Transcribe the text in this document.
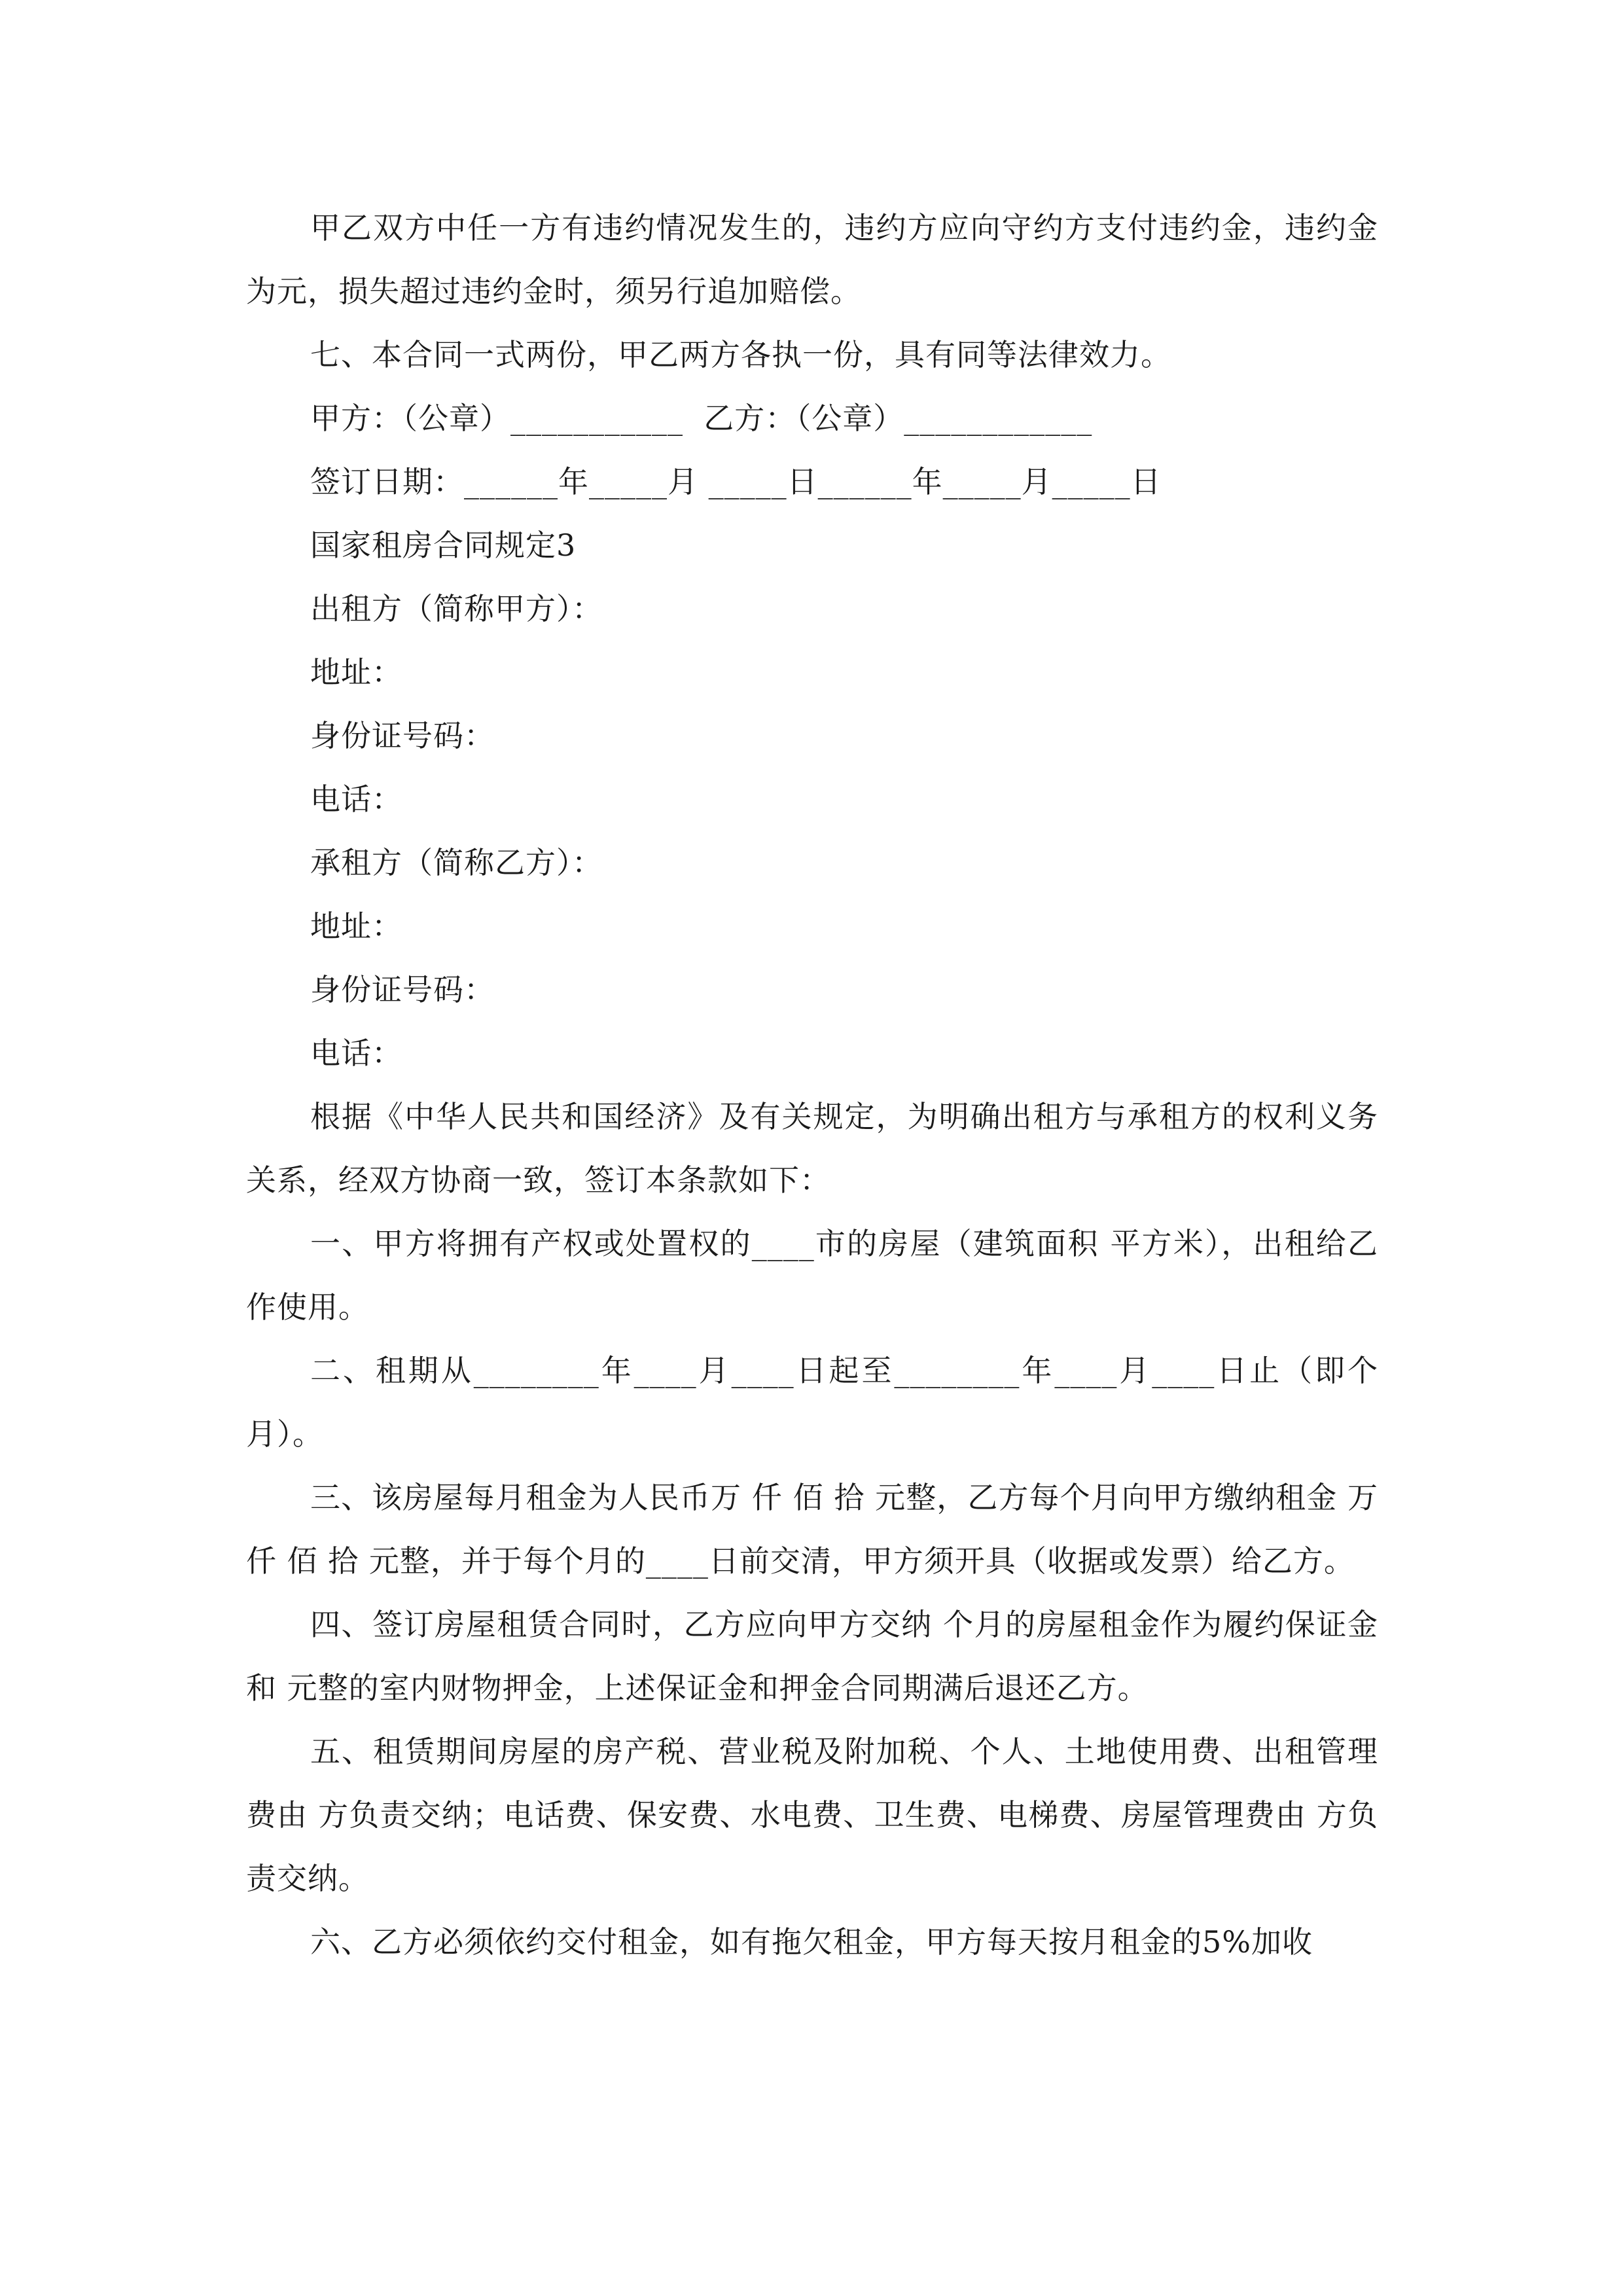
甲乙双方中任一方有违约情况发生的，违约方应向守约方支付违约金，违约金为元，损失超过违约金时，须另行追加赔偿。

七、本合同一式两份，甲乙两方各执一份，具有同等法律效力。

甲方：（公章）___________  乙方：（公章）____________

签订日期：______年_____月 _____日______年_____月_____日

国家租房合同规定3

出租方（简称甲方）：

地址：

身份证号码：

电话：

承租方（简称乙方）：

地址：

身份证号码：

电话：

根据《中华人民共和国经济》及有关规定，为明确出租方与承租方的权利义务关系，经双方协商一致，签订本条款如下：

一、甲方将拥有产权或处置权的____市的房屋（建筑面积 平方米），出租给乙作使用。

二、租期从________年____月____日起至________年____月____日止（即个月）。

三、该房屋每月租金为人民币万 仟 佰 拾 元整，乙方每个月向甲方缴纳租金 万 仟 佰 拾 元整，并于每个月的____日前交清，甲方须开具（收据或发票）给乙方。

四、签订房屋租赁合同时，乙方应向甲方交纳 个月的房屋租金作为履约保证金和 元整的室内财物押金，上述保证金和押金合同期满后退还乙方。

五、租赁期间房屋的房产税、营业税及附加税、个人、土地使用费、出租管理费由 方负责交纳；电话费、保安费、水电费、卫生费、电梯费、房屋管理费由 方负责交纳。

六、乙方必须依约交付租金，如有拖欠租金，甲方每天按月租金的5%加收
